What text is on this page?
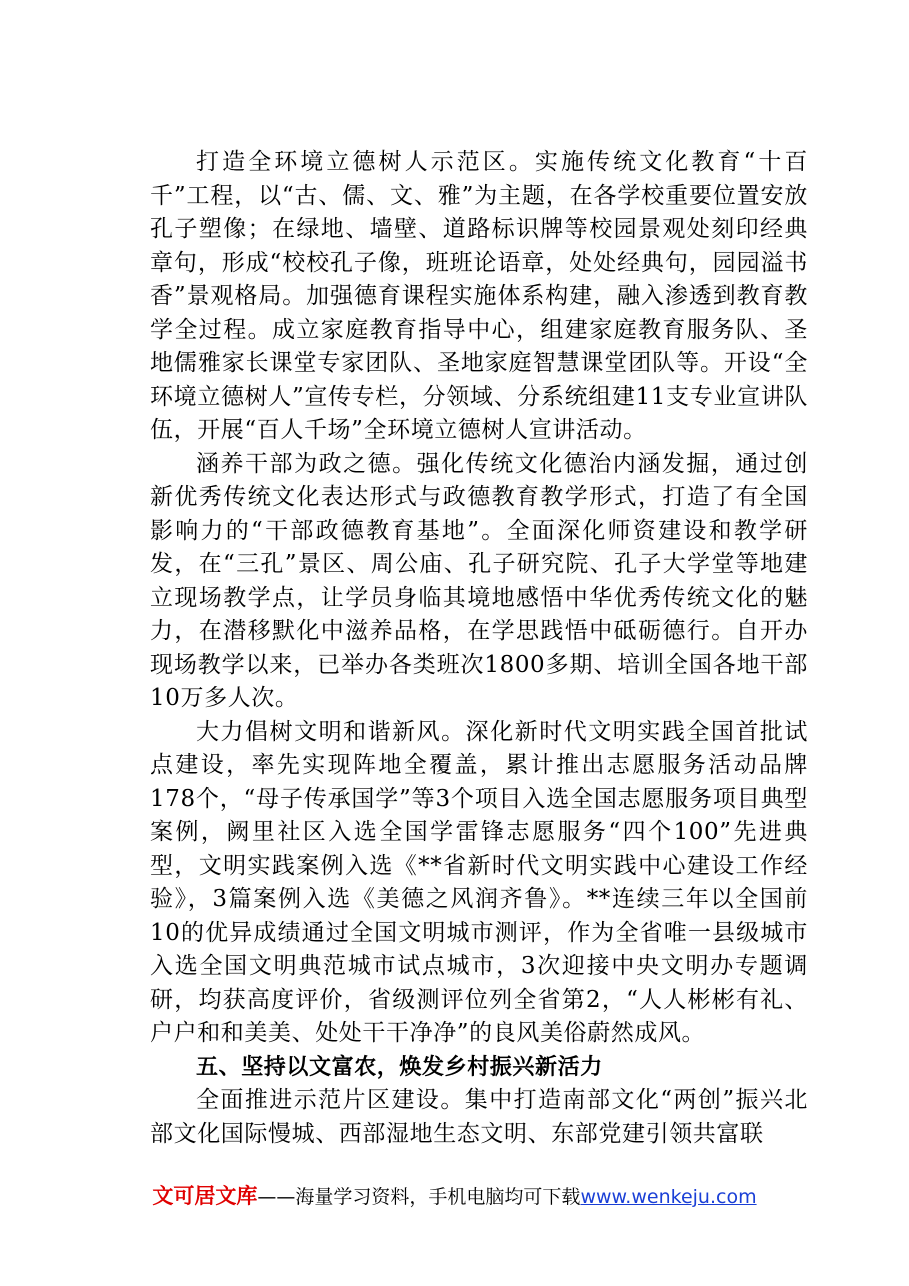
打造全环境立德树人示范区。实施传统文化教育“十百千”工程，以“古、儒、文、雅”为主题，在各学校重要位置安放孔子塑像；在绿地、墙壁、道路标识牌等校园景观处刻印经典章句，形成“校校孔子像，班班论语章，处处经典句，园园溢书香”景观格局。加强德育课程实施体系构建，融入渗透到教育教学全过程。成立家庭教育指导中心，组建家庭教育服务队、圣地儒雅家长课堂专家团队、圣地家庭智慧课堂团队等。开设“全环境立德树人”宣传专栏，分领域、分系统组建11支专业宣讲队伍，开展“百人千场”全环境立德树人宣讲活动。

涵养干部为政之德。强化传统文化德治内涵发掘，通过创新优秀传统文化表达形式与政德教育教学形式，打造了有全国影响力的“干部政德教育基地”。全面深化师资建设和教学研发，在“三孔”景区、周公庙、孔子研究院、孔子大学堂等地建立现场教学点，让学员身临其境地感悟中华优秀传统文化的魅力，在潜移默化中滋养品格，在学思践悟中砥砺德行。自开办现场教学以来，已举办各类班次1800多期、培训全国各地干部10万多人次。

大力倡树文明和谐新风。深化新时代文明实践全国首批试点建设，率先实现阵地全覆盖，累计推出志愿服务活动品牌178个，“母子传承国学”等3个项目入选全国志愿服务项目典型案例，阙里社区入选全国学雷锋志愿服务“四个100”先进典型，文明实践案例入选《**省新时代文明实践中心建设工作经验》，3篇案例入选《美德之风润齐鲁》。**连续三年以全国前10的优异成绩通过全国文明城市测评，作为全省唯一县级城市入选全国文明典范城市试点城市，3次迎接中央文明办专题调研，均获高度评价，省级测评位列全省第2，“人人彬彬有礼、户户和和美美、处处干干净净”的良风美俗蔚然成风。

五、坚持以文富农，焕发乡村振兴新活力

全面推进示范片区建设。集中打造南部文化“两创”振兴北部文化国际慢城、西部湿地生态文明、东部党建引领共富联

文可居文库——海量学习资料，手机电脑均可下载www.wenkeju.com
